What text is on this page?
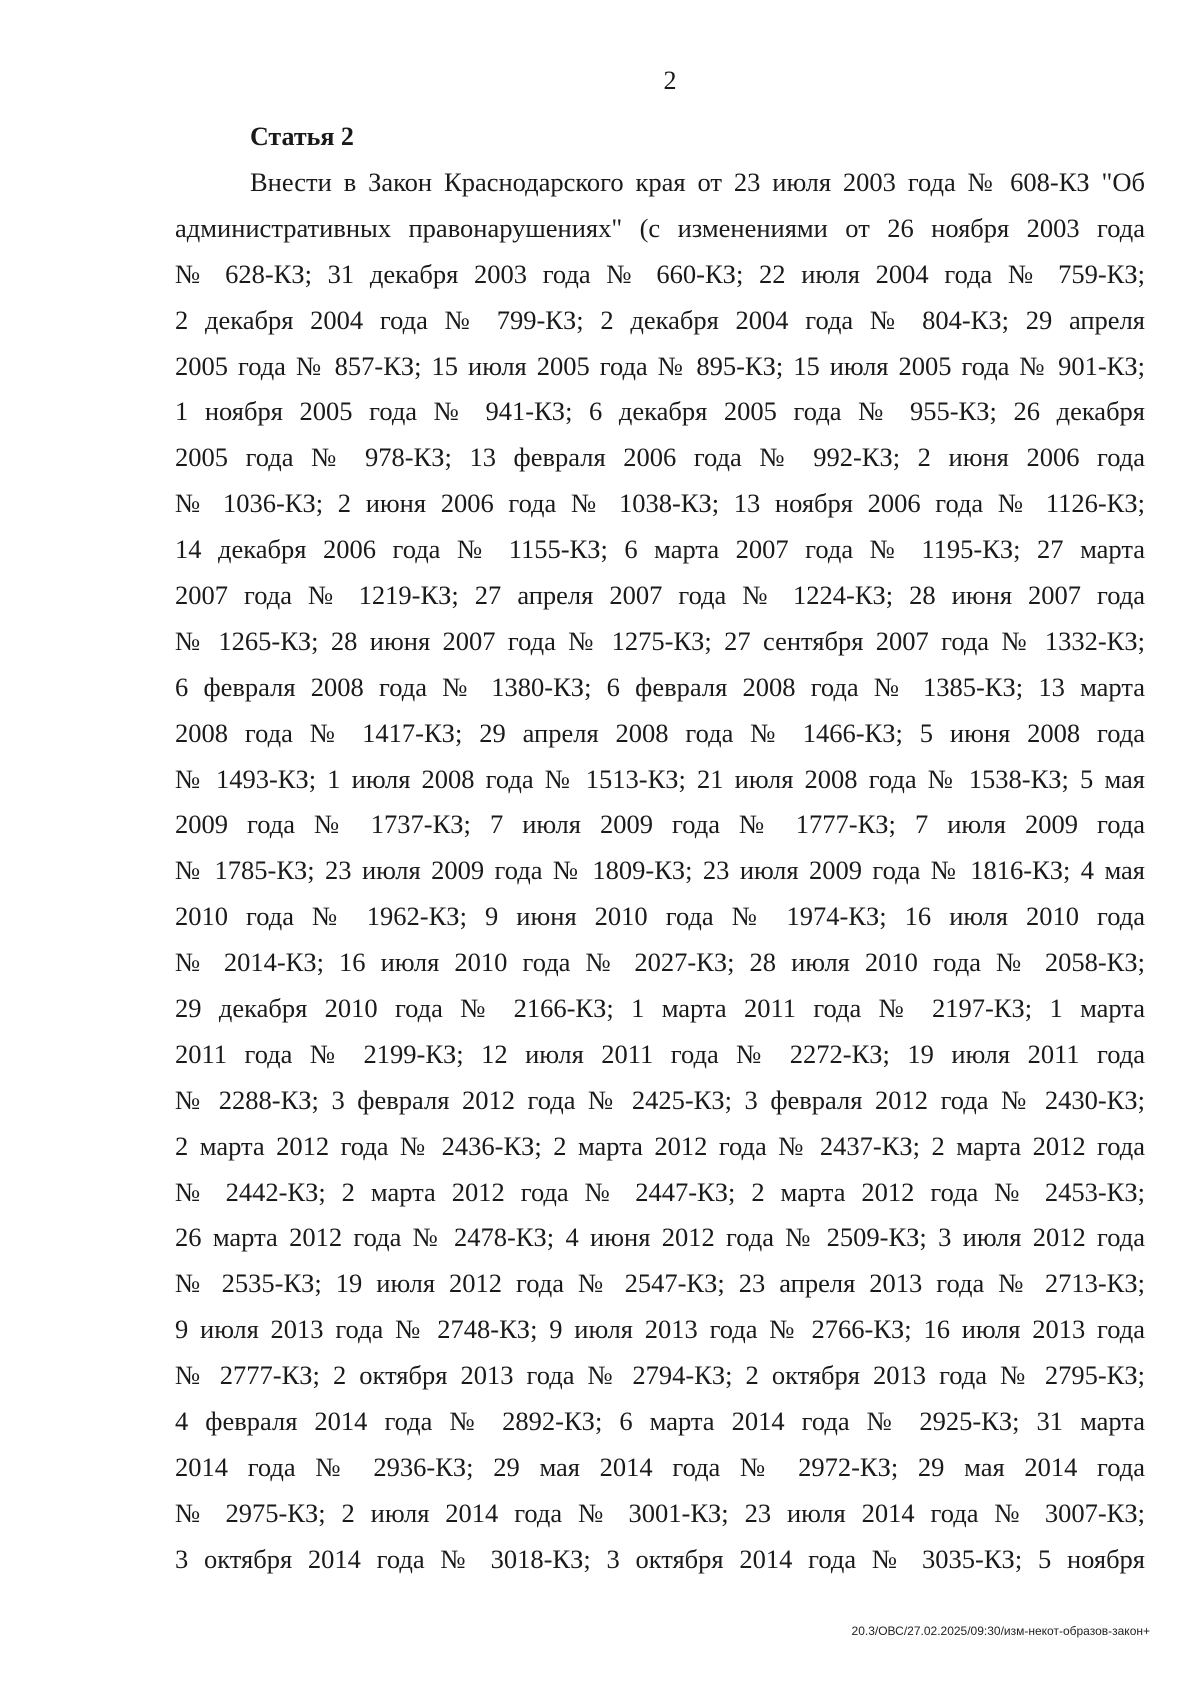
2

Статья 2

Внести в Закон Краснодарского края от 23 июля 2003 года № 608-КЗ "Об
административных правонарушениях" (с изменениями от 26 ноября 2003 года
№ 628-КЗ; 31 декабря 2003 года № 660-КЗ; 22 июля 2004 года № 759-КЗ;
2 декабря 2004 года № 799-КЗ; 2 декабря 2004 года № 804-КЗ; 29 апреля
2005 года № 857-КЗ; 15 июля 2005 года № 895-КЗ; 15 июля 2005 года № 901-КЗ;
1 ноября 2005 года № 941-КЗ; 6 декабря 2005 года № 955-КЗ; 26 декабря
2005 года № 978-КЗ; 13 февраля 2006 года № 992-КЗ; 2 июня 2006 года
№ 1036-КЗ; 2 июня 2006 года № 1038-КЗ; 13 ноября 2006 года № 1126-КЗ;
14 декабря 2006 года № 1155-КЗ; 6 марта 2007 года № 1195-КЗ; 27 марта
2007 года № 1219-КЗ; 27 апреля 2007 года № 1224-КЗ; 28 июня 2007 года
№ 1265-КЗ; 28 июня 2007 года № 1275-КЗ; 27 сентября 2007 года № 1332-КЗ;
6 февраля 2008 года № 1380-КЗ; 6 февраля 2008 года № 1385-КЗ; 13 марта
2008 года № 1417-КЗ; 29 апреля 2008 года № 1466-КЗ; 5 июня 2008 года
№ 1493-КЗ; 1 июля 2008 года № 1513-КЗ; 21 июля 2008 года № 1538-КЗ; 5 мая
2009 года № 1737-КЗ; 7 июля 2009 года № 1777-КЗ; 7 июля 2009 года
№ 1785-КЗ; 23 июля 2009 года № 1809-КЗ; 23 июля 2009 года № 1816-КЗ; 4 мая
2010 года № 1962-КЗ; 9 июня 2010 года № 1974-КЗ; 16 июля 2010 года
№ 2014-КЗ; 16 июля 2010 года № 2027-КЗ; 28 июля 2010 года № 2058-КЗ;
29 декабря 2010 года № 2166-КЗ; 1 марта 2011 года № 2197-КЗ; 1 марта
2011 года № 2199-КЗ; 12 июля 2011 года № 2272-КЗ; 19 июля 2011 года
№ 2288-КЗ; 3 февраля 2012 года № 2425-КЗ; 3 февраля 2012 года № 2430-КЗ;
2 марта 2012 года № 2436-КЗ; 2 марта 2012 года № 2437-КЗ; 2 марта 2012 года
№ 2442-КЗ; 2 марта 2012 года № 2447-КЗ; 2 марта 2012 года № 2453-КЗ;
26 марта 2012 года № 2478-КЗ; 4 июня 2012 года № 2509-КЗ; 3 июля 2012 года
№ 2535-КЗ; 19 июля 2012 года № 2547-КЗ; 23 апреля 2013 года № 2713-КЗ;
9 июля 2013 года № 2748-КЗ; 9 июля 2013 года № 2766-КЗ; 16 июля 2013 года
№ 2777-КЗ; 2 октября 2013 года № 2794-КЗ; 2 октября 2013 года № 2795-КЗ;
4 февраля 2014 года № 2892-КЗ; 6 марта 2014 года № 2925-КЗ; 31 марта
2014 года № 2936-КЗ; 29 мая 2014 года № 2972-КЗ; 29 мая 2014 года
№ 2975-КЗ; 2 июля 2014 года № 3001-КЗ; 23 июля 2014 года № 3007-КЗ;
3 октября 2014 года № 3018-КЗ; 3 октября 2014 года № 3035-КЗ; 5 ноября

20.3/ОВС/27.02.2025/09:30/изм-некот-образов-закон+
